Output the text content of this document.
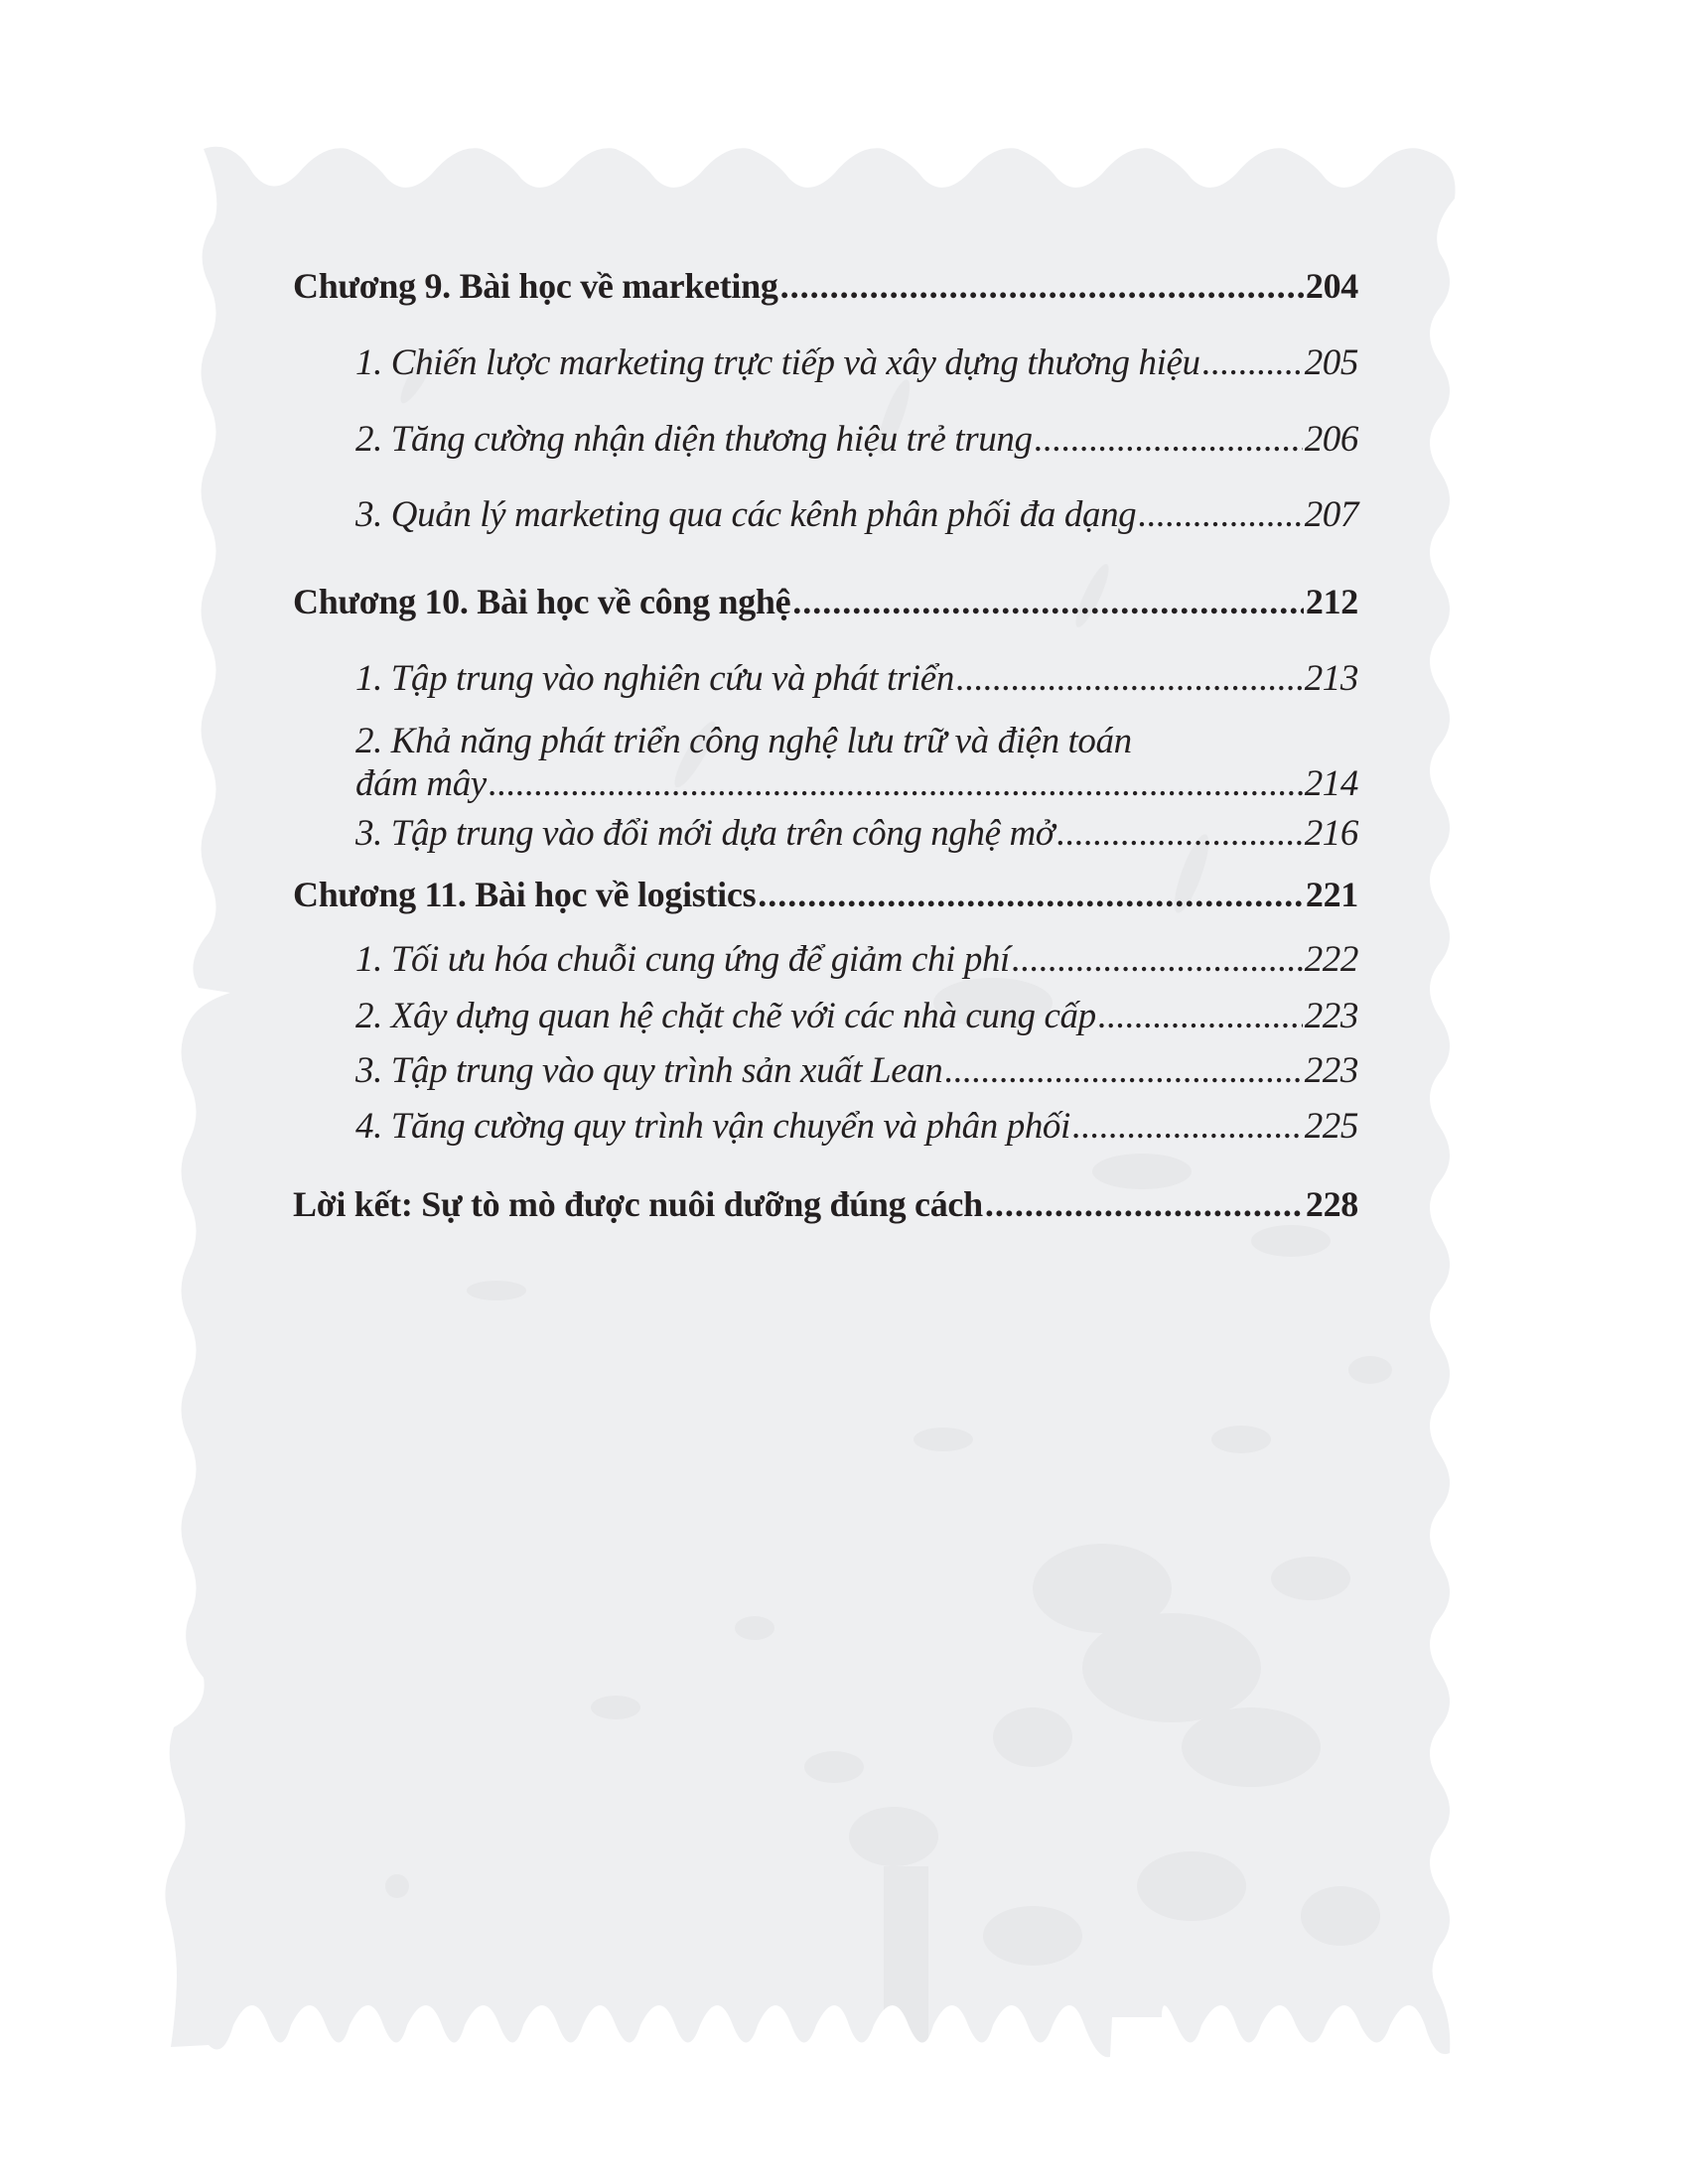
Chương 9. Bài học về marketing .....	204
1. Chiến lược marketing trực tiếp và xây dựng thương hiệu .....	205
2. Tăng cường nhận diện thương hiệu trẻ trung .....	206
3. Quản lý marketing qua các kênh phân phối đa dạng .....	207
Chương 10. Bài học về công nghệ .....	212
1. Tập trung vào nghiên cứu và phát triển .....	213
2. Khả năng phát triển công nghệ lưu trữ và điện toán
đám mây .....	214
3. Tập trung vào đổi mới dựa trên công nghệ mở .....	216
Chương 11. Bài học về logistics .....	221
1. Tối ưu hóa chuỗi cung ứng để giảm chi phí .....	222
2. Xây dựng quan hệ chặt chẽ với các nhà cung cấp .....	223
3. Tập trung vào quy trình sản xuất Lean .....	223
4. Tăng cường quy trình vận chuyển và phân phối .....	225
Lời kết: Sự tò mò được nuôi dưỡng đúng cách .....	228
